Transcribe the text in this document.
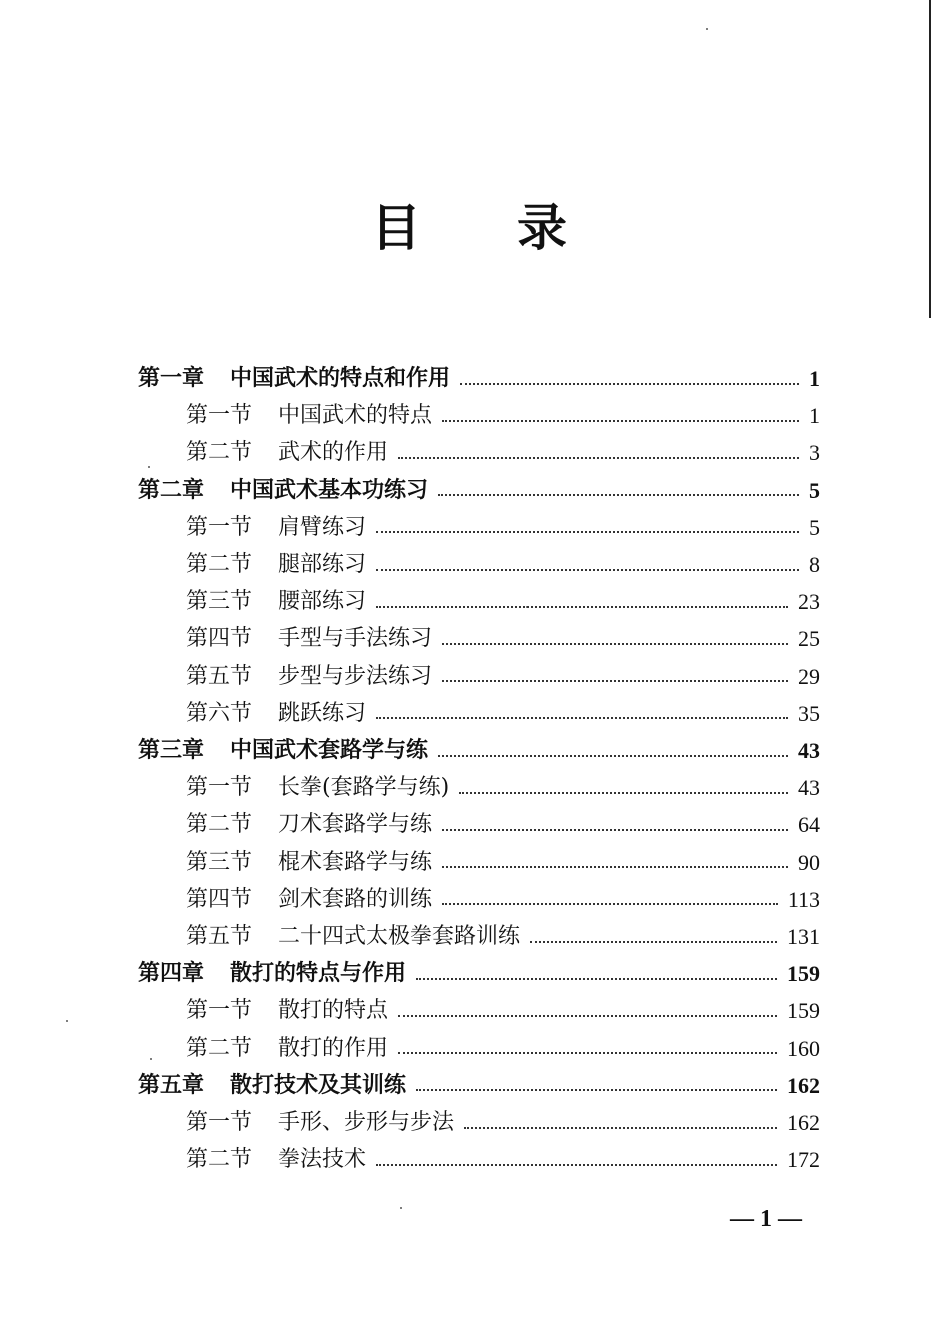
目 录
第一章 中国武术的特点和作用	1
第一节 中国武术的特点	1
第二节 武术的作用	3
第二章 中国武术基本功练习	5
第一节 肩臂练习	5
第二节 腿部练习	8
第三节 腰部练习	23
第四节 手型与手法练习	25
第五节 步型与步法练习	29
第六节 跳跃练习	35
第三章 中国武术套路学与练	43
第一节 长拳(套路学与练)	43
第二节 刀术套路学与练	64
第三节 棍术套路学与练	90
第四节 剑术套路的训练	113
第五节 二十四式太极拳套路训练	131
第四章 散打的特点与作用	159
第一节 散打的特点	159
第二节 散打的作用	160
第五章 散打技术及其训练	162
第一节 手形、步形与步法	162
第二节 拳法技术	172
— 1 —
